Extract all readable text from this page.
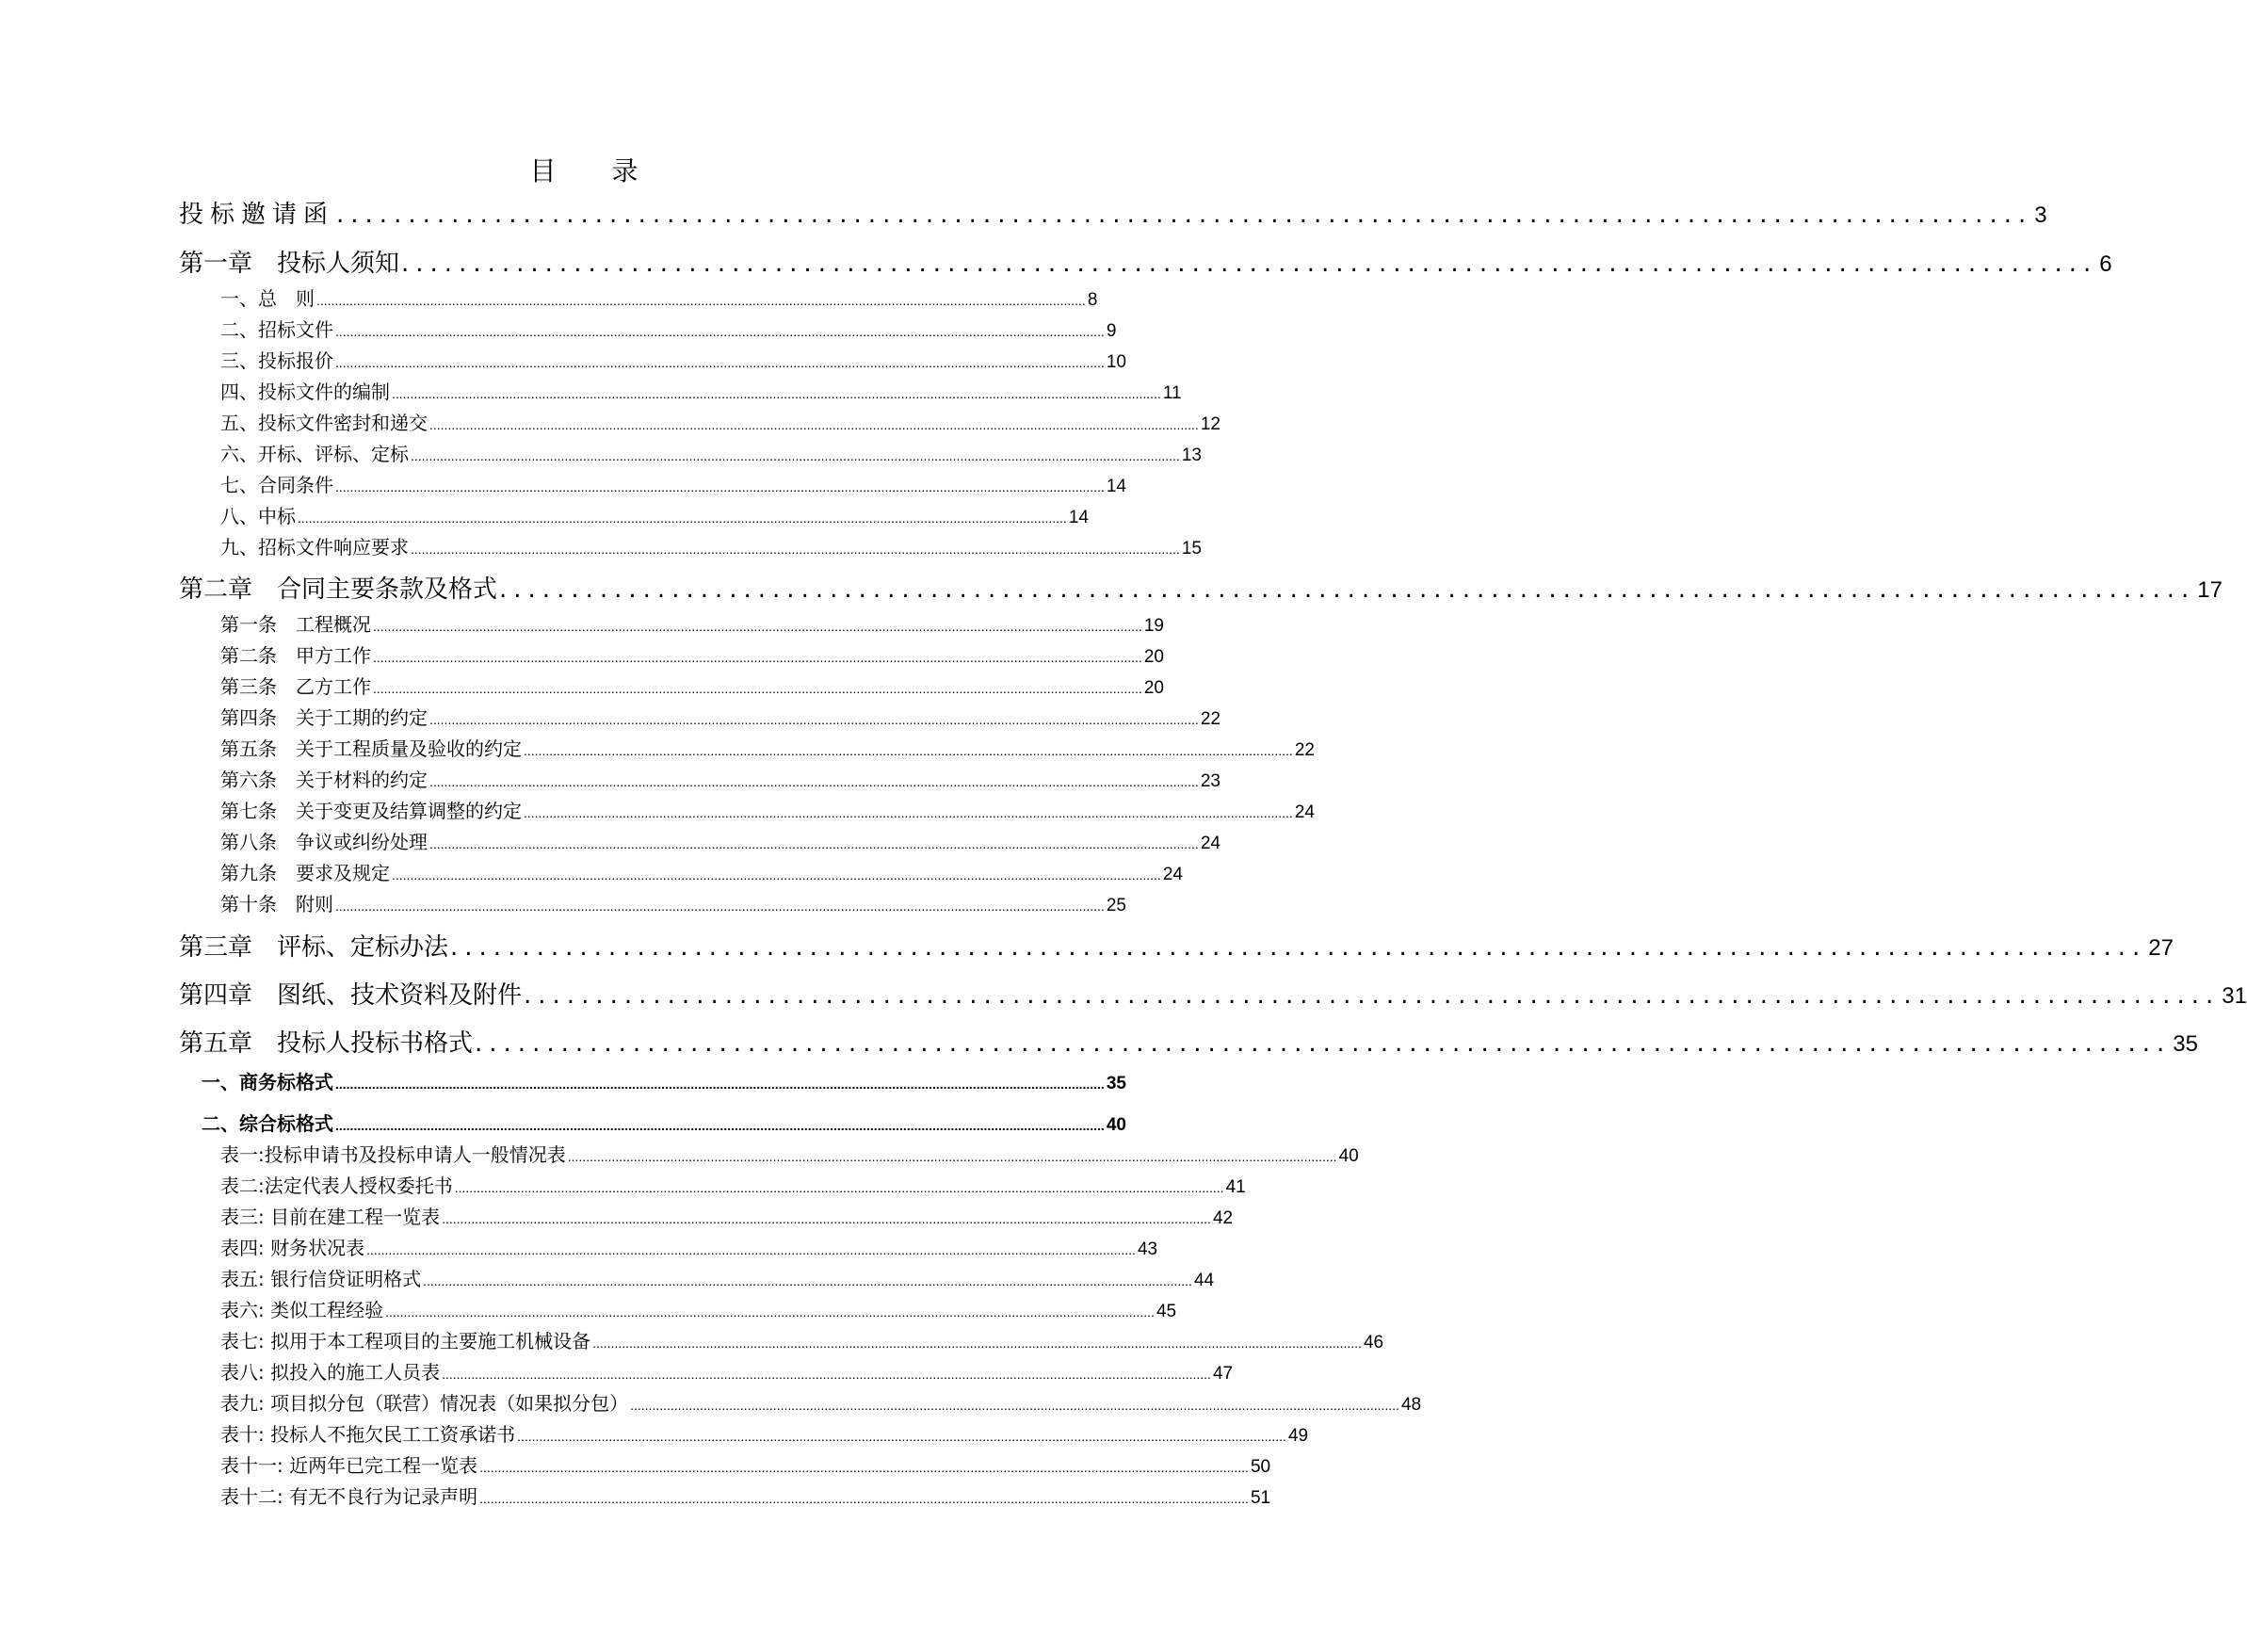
目　　录
投标邀请函 ...................................................................................................................... 3
第一章　投标人须知 ...................................................................................................................... 6
一、总　则 .................................................................................................................................................................................................................. 8
二、招标文件 .................................................................................................................................................................................................................. 9
三、投标报价 .................................................................................................................................................................................................................. 10
四、投标文件的编制 .................................................................................................................................................................................................................. 11
五、投标文件密封和递交 .................................................................................................................................................................................................................. 12
六、开标、评标、定标 .................................................................................................................................................................................................................. 13
七、合同条件 .................................................................................................................................................................................................................. 14
八、中标 .................................................................................................................................................................................................................. 14
九、招标文件响应要求 .................................................................................................................................................................................................................. 15
第二章　合同主要条款及格式 ...................................................................................................................... 17
第一条　工程概况 .................................................................................................................................................................................................................. 19
第二条　甲方工作 .................................................................................................................................................................................................................. 20
第三条　乙方工作 .................................................................................................................................................................................................................. 20
第四条　关于工期的约定 .................................................................................................................................................................................................................. 22
第五条　关于工程质量及验收的约定 .................................................................................................................................................................................................................. 22
第六条　关于材料的约定 .................................................................................................................................................................................................................. 23
第七条　关于变更及结算调整的约定 .................................................................................................................................................................................................................. 24
第八条　争议或纠纷处理 .................................................................................................................................................................................................................. 24
第九条　要求及规定 .................................................................................................................................................................................................................. 24
第十条　附则 .................................................................................................................................................................................................................. 25
第三章　评标、定标办法 ...................................................................................................................... 27
第四章　图纸、技术资料及附件 ...................................................................................................................... 31
第五章　投标人投标书格式 ...................................................................................................................... 35
一、商务标格式 .................................................................................................................................................................................................................. 35
二、综合标格式 .................................................................................................................................................................................................................. 40
表一:投标申请书及投标申请人一般情况表 .................................................................................................................................................................................................................. 40
表二:法定代表人授权委托书 .................................................................................................................................................................................................................. 41
表三: 目前在建工程一览表 .................................................................................................................................................................................................................. 42
表四: 财务状况表 .................................................................................................................................................................................................................. 43
表五: 银行信贷证明格式 .................................................................................................................................................................................................................. 44
表六: 类似工程经验 .................................................................................................................................................................................................................. 45
表七: 拟用于本工程项目的主要施工机械设备 .................................................................................................................................................................................................................. 46
表八: 拟投入的施工人员表 .................................................................................................................................................................................................................. 47
表九: 项目拟分包（联营）情况表（如果拟分包） .................................................................................................................................................................................................................. 48
表十: 投标人不拖欠民工工资承诺书 .................................................................................................................................................................................................................. 49
表十一: 近两年已完工程一览表 .................................................................................................................................................................................................................. 50
表十二: 有无不良行为记录声明 .................................................................................................................................................................................................................. 51
